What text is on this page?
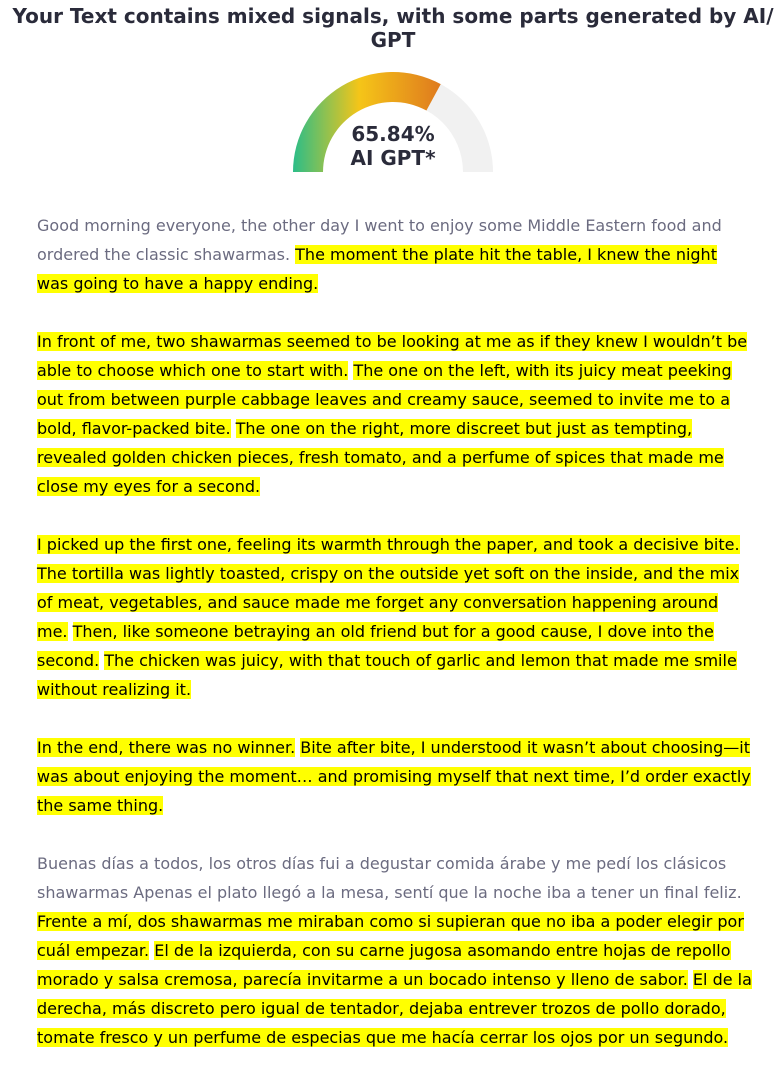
Your Text contains mixed signals, with some parts generated by AI/ GPT
65.84%
AI GPT*

Good morning everyone, the other day I went to enjoy some Middle Eastern food and ordered the classic shawarmas. The moment the plate hit the table, I knew the night was going to have a happy ending.

In front of me, two shawarmas seemed to be looking at me as if they knew I wouldn’t be able to choose which one to start with. The one on the left, with its juicy meat peeking out from between purple cabbage leaves and creamy sauce, seemed to invite me to a bold, flavor-packed bite. The one on the right, more discreet but just as tempting, revealed golden chicken pieces, fresh tomato, and a perfume of spices that made me close my eyes for a second.

I picked up the first one, feeling its warmth through the paper, and took a decisive bite. The tortilla was lightly toasted, crispy on the outside yet soft on the inside, and the mix of meat, vegetables, and sauce made me forget any conversation happening around me. Then, like someone betraying an old friend but for a good cause, I dove into the second. The chicken was juicy, with that touch of garlic and lemon that made me smile without realizing it.

In the end, there was no winner. Bite after bite, I understood it wasn’t about choosing—it was about enjoying the moment… and promising myself that next time, I’d order exactly the same thing.

Buenas días a todos, los otros días fui a degustar comida árabe y me pedí los clásicos shawarmas Apenas el plato llegó a la mesa, sentí que la noche iba a tener un final feliz. Frente a mí, dos shawarmas me miraban como si supieran que no iba a poder elegir por cuál empezar. El de la izquierda, con su carne jugosa asomando entre hojas de repollo morado y salsa cremosa, parecía invitarme a un bocado intenso y lleno de sabor. El de la derecha, más discreto pero igual de tentador, dejaba entrever trozos de pollo dorado, tomate fresco y un perfume de especias que me hacía cerrar los ojos por un segundo.
